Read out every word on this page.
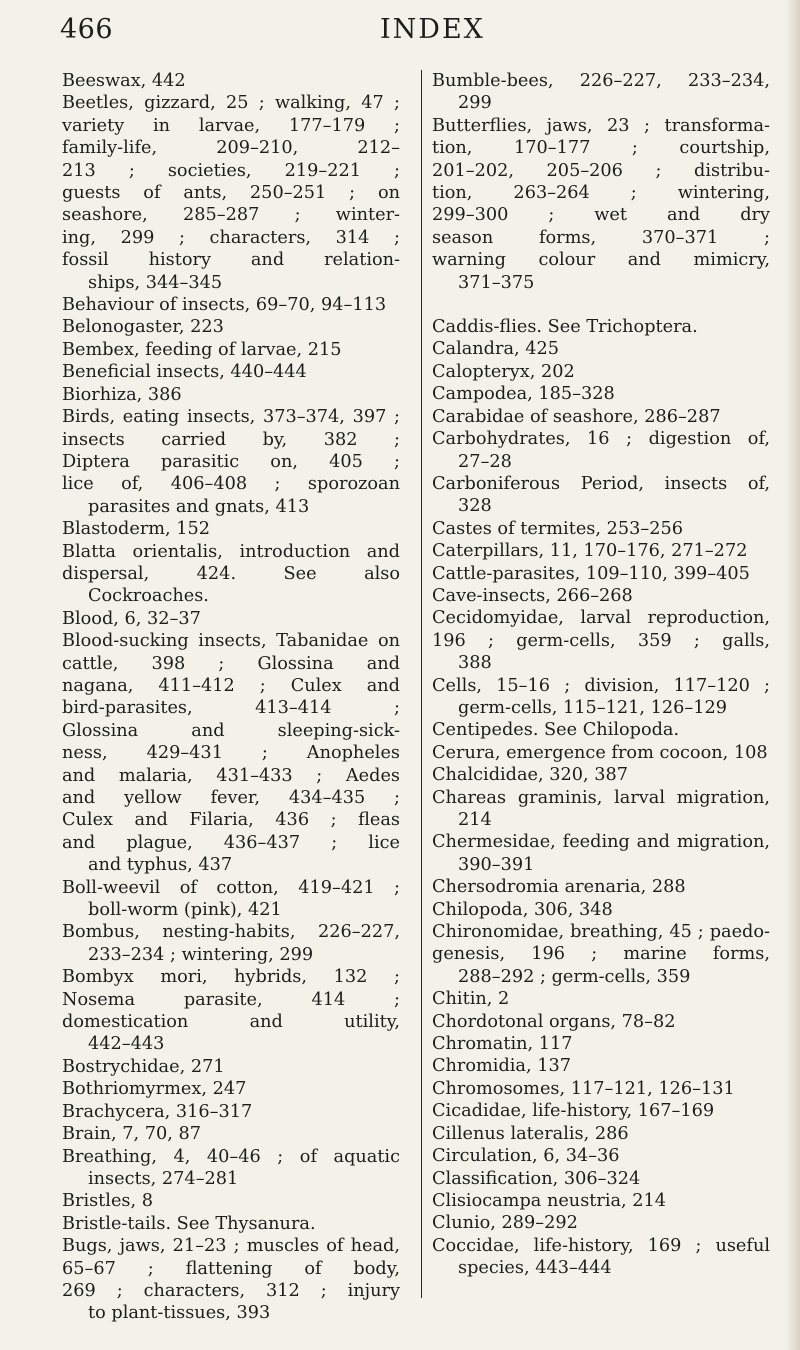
466	INDEX

Beeswax, 442

Beetles, gizzard, 25 ; walking, 47 ;
variety in larvae, 177–179 ;
family-life, 209–210, 212–
213 ; societies, 219–221 ;
guests of ants, 250–251 ; on
seashore, 285–287 ; winter-
ing, 299 ; characters, 314 ;
fossil history and relation-
ships, 344–345

Behaviour of insects, 69–70, 94–113

Belonogaster, 223

Bembex, feeding of larvae, 215

Beneficial insects, 440–444

Biorhiza, 386

Birds, eating insects, 373–374, 397 ;
insects carried by, 382 ;
Diptera parasitic on, 405 ;
lice of, 406–408 ; sporozoan
parasites and gnats, 413

Blastoderm, 152

Blatta orientalis, introduction and
dispersal, 424. See also
Cockroaches.

Blood, 6, 32–37

Blood-sucking insects, Tabanidae on
cattle, 398 ; Glossina and
nagana, 411–412 ; Culex and
bird-parasites, 413–414 ;
Glossina and sleeping-sick-
ness, 429–431 ; Anopheles
and malaria, 431–433 ; Aedes
and yellow fever, 434–435 ;
Culex and Filaria, 436 ; fleas
and plague, 436–437 ; lice
and typhus, 437

Boll-weevil of cotton, 419–421 ;
boll-worm (pink), 421

Bombus, nesting-habits, 226–227,
233–234 ; wintering, 299

Bombyx mori, hybrids, 132 ;
Nosema parasite, 414 ;
domestication and utility,
442–443

Bostrychidae, 271

Bothriomyrmex, 247

Brachycera, 316–317

Brain, 7, 70, 87

Breathing, 4, 40–46 ; of aquatic
insects, 274–281

Bristles, 8

Bristle-tails. See Thysanura.

Bugs, jaws, 21–23 ; muscles of head,
65–67 ; flattening of body,
269 ; characters, 312 ; injury
to plant-tissues, 393

Bumble-bees, 226–227, 233–234,
299

Butterflies, jaws, 23 ; transforma-
tion, 170–177 ; courtship,
201–202, 205–206 ; distribu-
tion, 263–264 ; wintering,
299–300 ; wet and dry
season forms, 370–371 ;
warning colour and mimicry,
371–375

Caddis-flies. See Trichoptera.

Calandra, 425

Calopteryx, 202

Campodea, 185–328

Carabidae of seashore, 286–287

Carbohydrates, 16 ; digestion of,
27–28

Carboniferous Period, insects of,
328

Castes of termites, 253–256

Caterpillars, 11, 170–176, 271–272

Cattle-parasites, 109–110, 399–405

Cave-insects, 266–268

Cecidomyidae, larval reproduction,
196 ; germ-cells, 359 ; galls,
388

Cells, 15–16 ; division, 117–120 ;
germ-cells, 115–121, 126–129

Centipedes. See Chilopoda.

Cerura, emergence from cocoon, 108

Chalcididae, 320, 387

Chareas graminis, larval migration,
214

Chermesidae, feeding and migration,
390–391

Chersodromia arenaria, 288

Chilopoda, 306, 348

Chironomidae, breathing, 45 ; paedo-
genesis, 196 ; marine forms,
288–292 ; germ-cells, 359

Chitin, 2

Chordotonal organs, 78–82

Chromatin, 117

Chromidia, 137

Chromosomes, 117–121, 126–131

Cicadidae, life-history, 167–169

Cillenus lateralis, 286

Circulation, 6, 34–36

Classification, 306–324

Clisiocampa neustria, 214

Clunio, 289–292

Coccidae, life-history, 169 ; useful
species, 443–444
